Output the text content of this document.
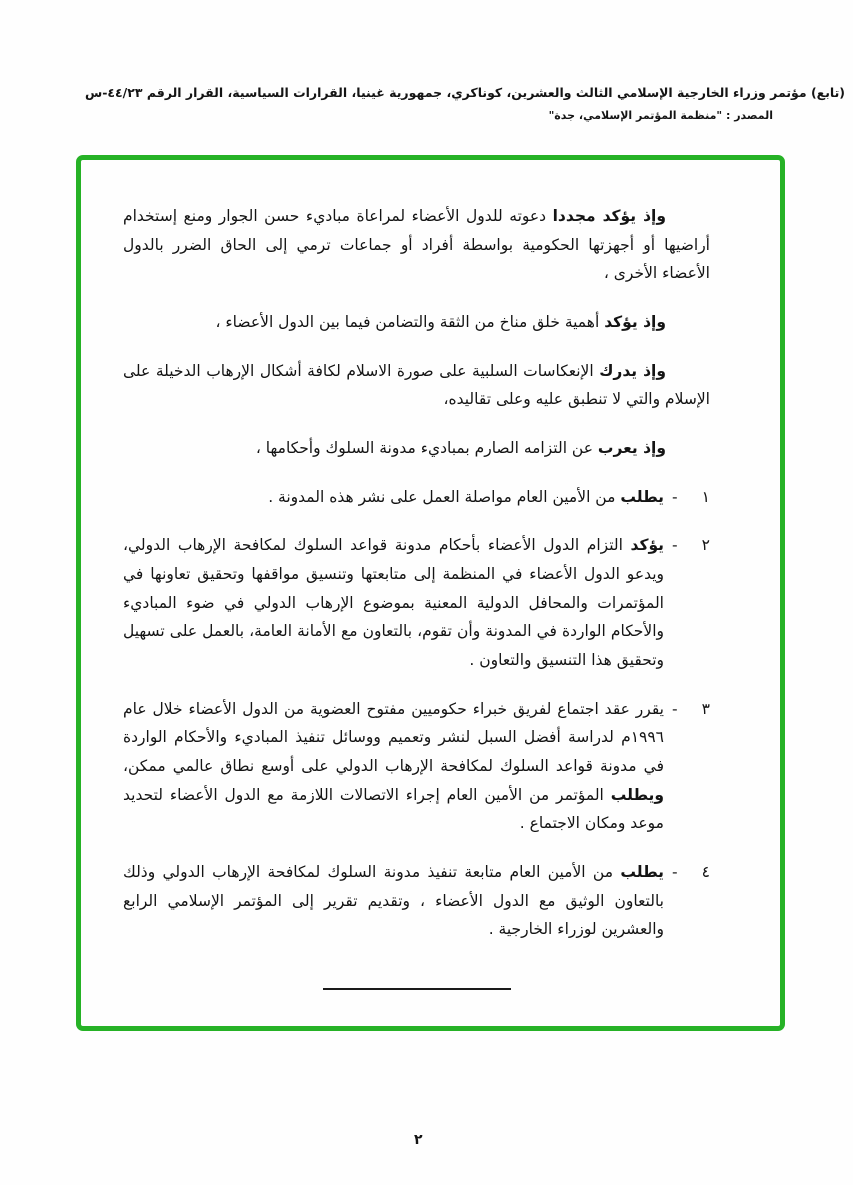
(تابع) مؤتمر وزراء الخارجية الإسلامي الثالث والعشرين، كوناكري، جمهورية غينيا، القرارات السياسية، القرار الرقم ٤٤/٢٣-س
المصدر : "منظمة المؤتمر الإسلامي، جدة"

وإذ يؤكد مجددا دعوته للدول الأعضاء لمراعاة مباديء حسن الجوار ومنع إستخدام أراضيها أو أجهزتها الحكومية بواسطة أفراد أو جماعات ترمي إلى الحاق الضرر بالدول الأعضاء الأخرى ،

وإذ يؤكد أهمية خلق مناخ من الثقة والتضامن فيما بين الدول الأعضاء ،

وإذ يدرك الإنعكاسات السلبية على صورة الاسلام لكافة أشكال الإرهاب الدخيلة على الإسلام والتي لا تنطبق عليه وعلى تقاليده،

وإذ يعرب عن التزامه الصارم بمباديء مدونة السلوك وأحكامها ،

١
-
يطلب من الأمين العام مواصلة العمل على نشر هذه المدونة .
٢
-
يؤكد التزام الدول الأعضاء بأحكام مدونة قواعد السلوك لمكافحة الإرهاب الدولي، ويدعو الدول الأعضاء في المنظمة إلى متابعتها وتنسيق مواقفها وتحقيق تعاونها في المؤتمرات والمحافل الدولية المعنية بموضوع الإرهاب الدولي في ضوء المباديء والأحكام الواردة في المدونة وأن تقوم، بالتعاون مع الأمانة العامة، بالعمل على تسهيل وتحقيق هذا التنسيق والتعاون .
٣
-
يقرر عقد اجتماع لفريق خبراء حكوميين مفتوح العضوية من الدول الأعضاء خلال عام ١٩٩٦م لدراسة أفضل السبل لنشر وتعميم ووسائل تنفيذ المباديء والأحكام الواردة في مدونة قواعد السلوك لمكافحة الإرهاب الدولي على أوسع نطاق عالمي ممكن، ويطلب المؤتمر من الأمين العام إجراء الاتصالات اللازمة مع الدول الأعضاء لتحديد موعد ومكان الاجتماع .
٤
-
يطلب من الأمين العام متابعة تنفيذ مدونة السلوك لمكافحة الإرهاب الدولي وذلك بالتعاون الوثيق مع الدول الأعضاء ، وتقديم تقرير إلى المؤتمر الإسلامي الرابع والعشرين لوزراء الخارجية .
٢
